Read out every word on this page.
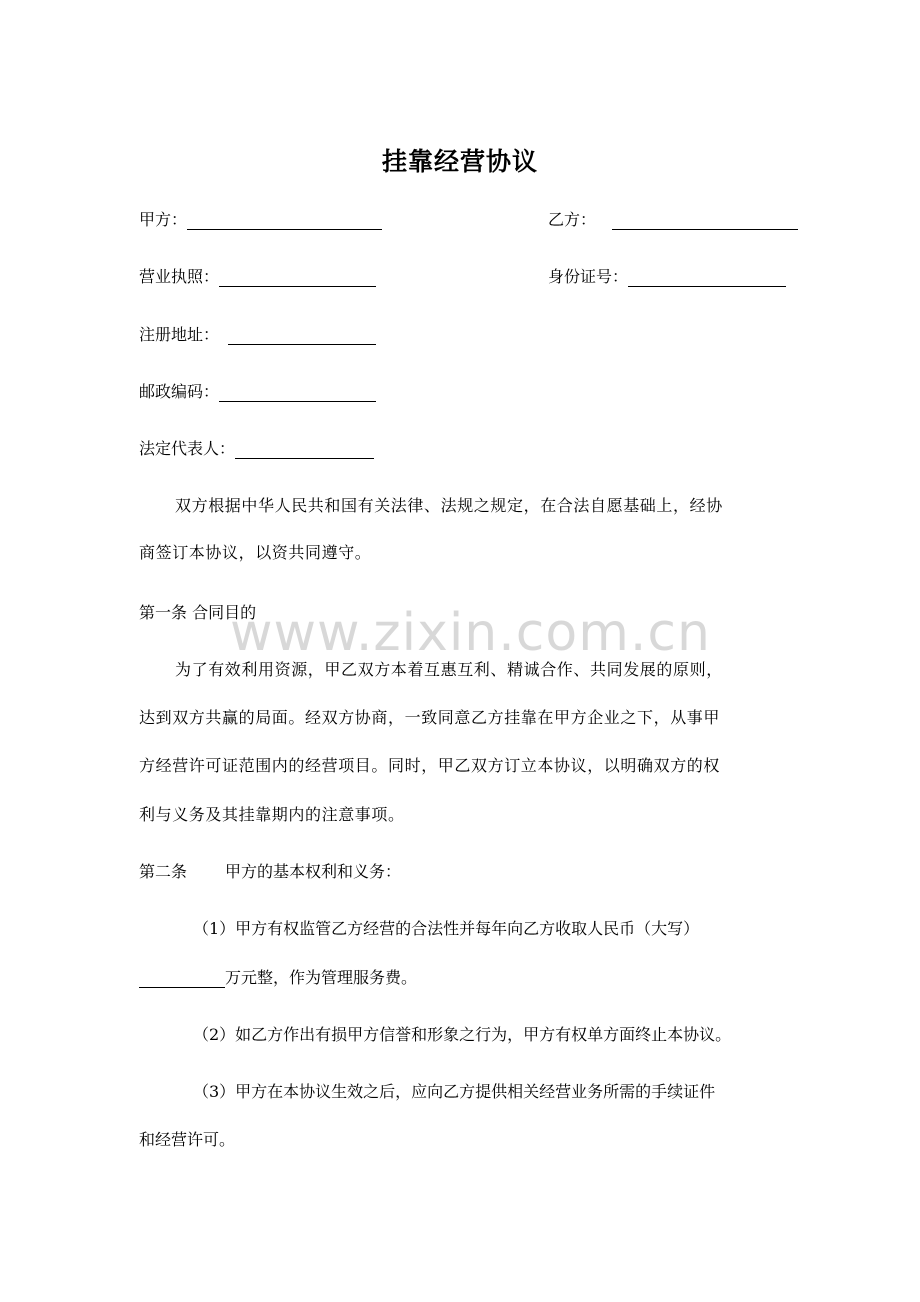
挂靠经营协议
甲方：	乙方：
营业执照：	身份证号：
注册地址：
邮政编码：
法定代表人：
双方根据中华人民共和国有关法律、法规之规定，在合法自愿基础上，经协
商签订本协议，以资共同遵守。
第一条 合同目的
www.zixin.com.cn
为了有效利用资源，甲乙双方本着互惠互利、精诚合作、共同发展的原则，
达到双方共赢的局面。经双方协商，一致同意乙方挂靠在甲方企业之下，从事甲
方经营许可证范围内的经营项目。同时，甲乙双方订立本协议，以明确双方的权
利与义务及其挂靠期内的注意事项。
第二条 甲方的基本权利和义务：
（1）甲方有权监管乙方经营的合法性并每年向乙方收取人民币（大写）
万元整，作为管理服务费。
（2）如乙方作出有损甲方信誉和形象之行为，甲方有权单方面终止本协议。
（3）甲方在本协议生效之后，应向乙方提供相关经营业务所需的手续证件
和经营许可。
